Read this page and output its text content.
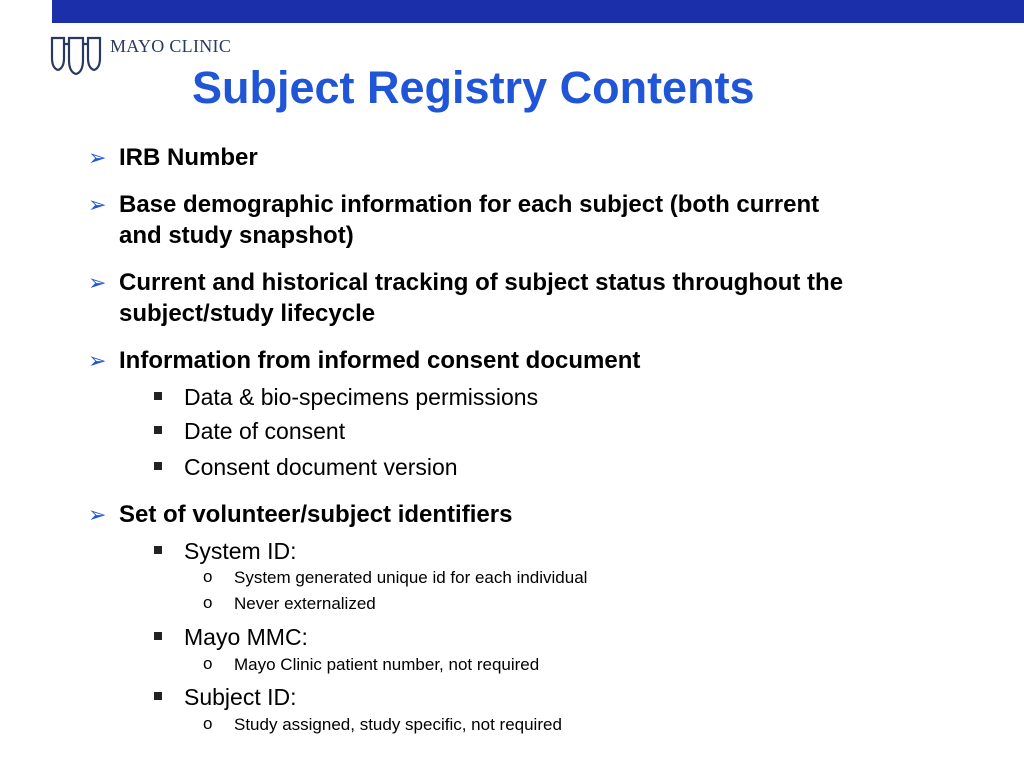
MAYO CLINIC
Subject Registry Contents
➢ IRB Number
➢ Base demographic information for each subject (both current and study snapshot)
➢ Current and historical tracking of subject status throughout the subject/study lifecycle
➢ Information from informed consent document
Data & bio-specimens permissions
Date of consent
Consent document version
➢ Set of volunteer/subject identifiers
System ID:
o System generated unique id for each individual
o Never externalized
Mayo MMC:
o Mayo Clinic patient number, not required
Subject ID:
o Study assigned, study specific, not required
